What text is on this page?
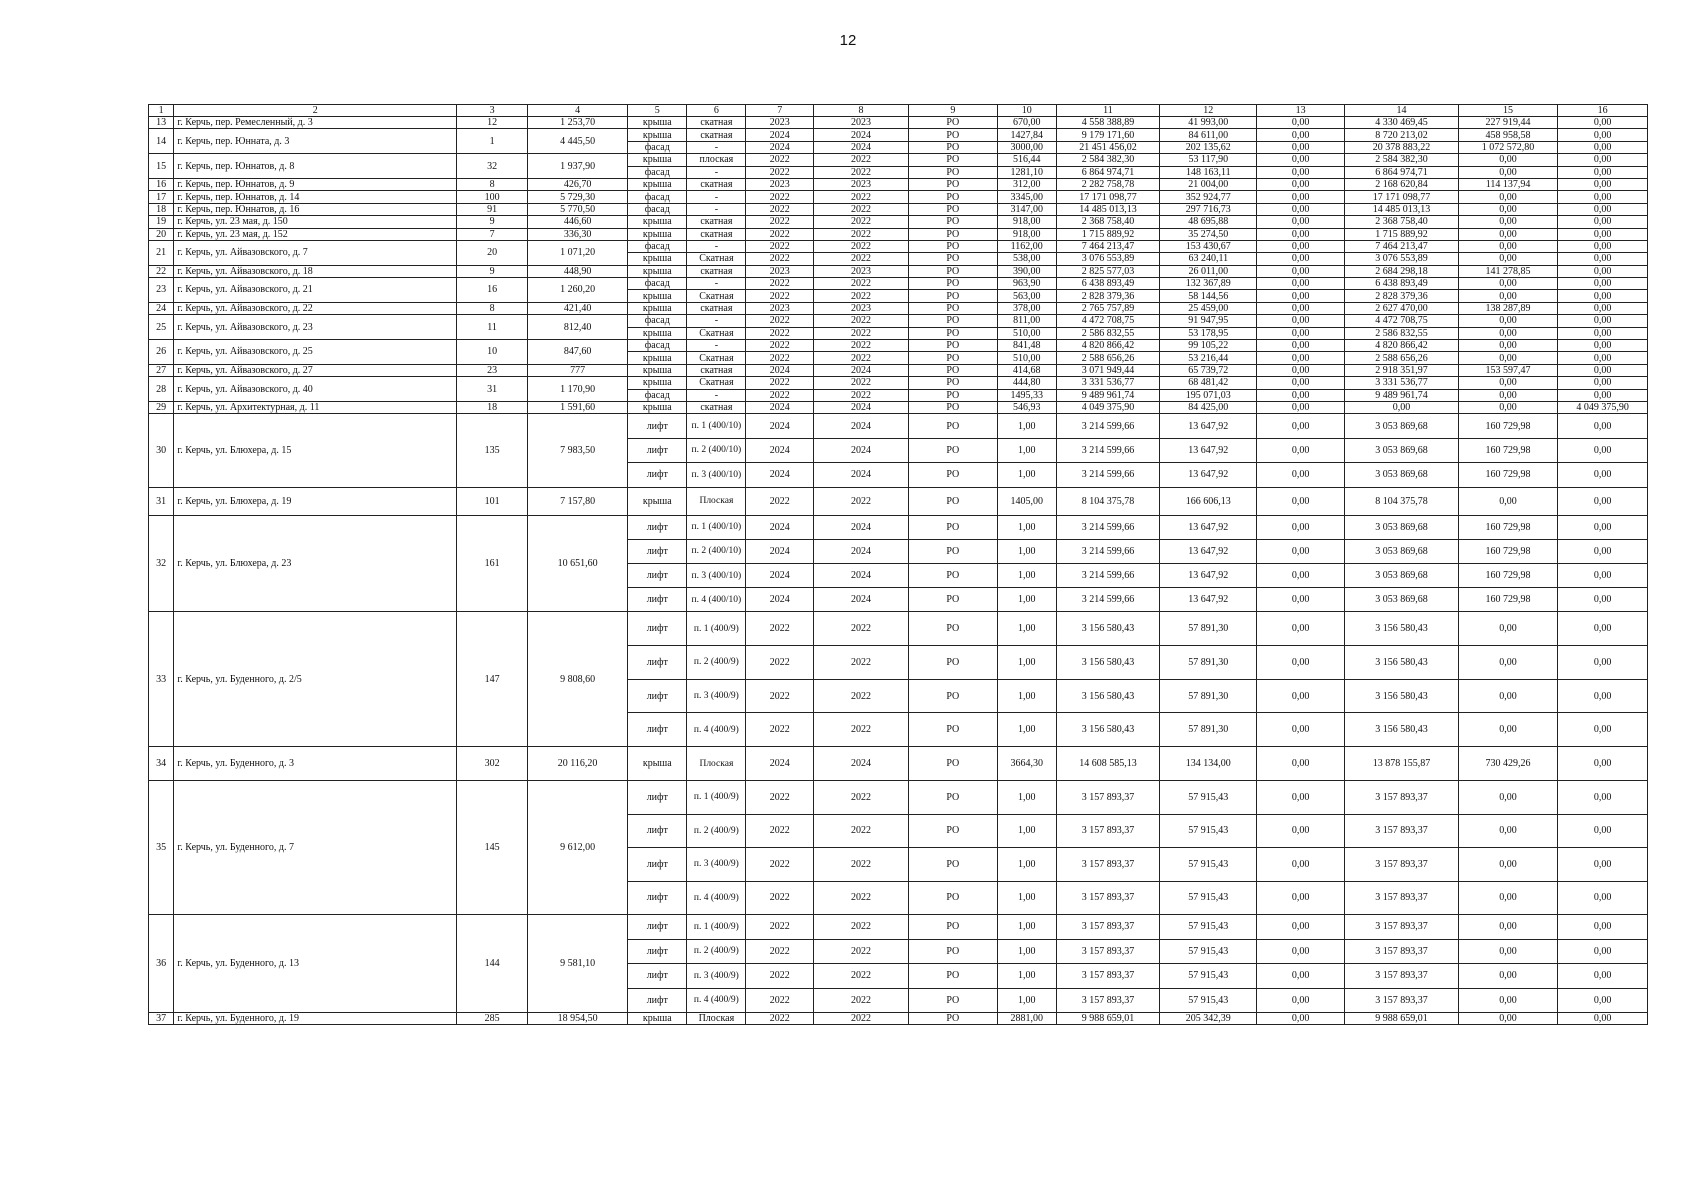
12
1	2	3	4	5	6	7	8	9	10	11	12	13	14	15	16
13	г. Керчь, пер. Ремесленный, д. 3	12	1 253,70	крыша	скатная	2023	2023	РО	670,00	4 558 388,89	41 993,00	0,00	4 330 469,45	227 919,44	0,00
14	г. Керчь, пер. Юнната, д. 3	1	4 445,50	крыша	скатная	2024	2024	РО	1427,84	9 179 171,60	84 611,00	0,00	8 720 213,02	458 958,58	0,00
				фасад	-	2024	2024	РО	3000,00	21 451 456,02	202 135,62	0,00	20 378 883,22	1 072 572,80	0,00
15	г. Керчь, пер. Юннатов, д. 8	32	1 937,90	крыша	плоская	2022	2022	РО	516,44	2 584 382,30	53 117,90	0,00	2 584 382,30	0,00	0,00
				фасад	-	2022	2022	РО	1281,10	6 864 974,71	148 163,11	0,00	6 864 974,71	0,00	0,00
16	г. Керчь, пер. Юннатов, д. 9	8	426,70	крыша	скатная	2023	2023	РО	312,00	2 282 758,78	21 004,00	0,00	2 168 620,84	114 137,94	0,00
17	г. Керчь, пер. Юннатов, д. 14	100	5 729,30	фасад	-	2022	2022	РО	3345,00	17 171 098,77	352 924,77	0,00	17 171 098,77	0,00	0,00
18	г. Керчь, пер. Юннатов, д. 16	91	5 770,50	фасад	-	2022	2022	РО	3147,00	14 485 013,13	297 716,73	0,00	14 485 013,13	0,00	0,00
19	г. Керчь, ул. 23 мая, д. 150	9	446,60	крыша	скатная	2022	2022	РО	918,00	2 368 758,40	48 695,88	0,00	2 368 758,40	0,00	0,00
20	г. Керчь, ул. 23 мая, д. 152	7	336,30	крыша	скатная	2022	2022	РО	918,00	1 715 889,92	35 274,50	0,00	1 715 889,92	0,00	0,00
21	г. Керчь, ул. Айвазовского, д. 7	20	1 071,20	фасад	-	2022	2022	РО	1162,00	7 464 213,47	153 430,67	0,00	7 464 213,47	0,00	0,00
				крыша	Скатная	2022	2022	РО	538,00	3 076 553,89	63 240,11	0,00	3 076 553,89	0,00	0,00
22	г. Керчь, ул. Айвазовского, д. 18	9	448,90	крыша	скатная	2023	2023	РО	390,00	2 825 577,03	26 011,00	0,00	2 684 298,18	141 278,85	0,00
23	г. Керчь, ул. Айвазовского, д. 21	16	1 260,20	фасад	-	2022	2022	РО	963,90	6 438 893,49	132 367,89	0,00	6 438 893,49	0,00	0,00
				крыша	Скатная	2022	2022	РО	563,00	2 828 379,36	58 144,56	0,00	2 828 379,36	0,00	0,00
24	г. Керчь, ул. Айвазовского, д. 22	8	421,40	крыша	скатная	2023	2023	РО	378,00	2 765 757,89	25 459,00	0,00	2 627 470,00	138 287,89	0,00
25	г. Керчь, ул. Айвазовского, д. 23	11	812,40	фасад	-	2022	2022	РО	811,00	4 472 708,75	91 947,95	0,00	4 472 708,75	0,00	0,00
				крыша	Скатная	2022	2022	РО	510,00	2 586 832,55	53 178,95	0,00	2 586 832,55	0,00	0,00
26	г. Керчь, ул. Айвазовского, д. 25	10	847,60	фасад	-	2022	2022	РО	841,48	4 820 866,42	99 105,22	0,00	4 820 866,42	0,00	0,00
				крыша	Скатная	2022	2022	РО	510,00	2 588 656,26	53 216,44	0,00	2 588 656,26	0,00	0,00
27	г. Керчь, ул. Айвазовского, д. 27	23	777	крыша	скатная	2024	2024	РО	414,68	3 071 949,44	65 739,72	0,00	2 918 351,97	153 597,47	0,00
28	г. Керчь, ул. Айвазовского, д. 40	31	1 170,90	крыша	Скатная	2022	2022	РО	444,80	3 331 536,77	68 481,42	0,00	3 331 536,77	0,00	0,00
				фасад	-	2022	2022	РО	1495,33	9 489 961,74	195 071,03	0,00	9 489 961,74	0,00	0,00
29	г. Керчь, ул. Архитектурная, д. 11	18	1 591,60	крыша	скатная	2024	2024	РО	546,93	4 049 375,90	84 425,00	0,00	0,00	0,00	4 049 375,90
30	г. Керчь, ул. Блюхера, д. 15	135	7 983,50	лифт	п. 1 (400/10)	2024	2024	РО	1,00	3 214 599,66	13 647,92	0,00	3 053 869,68	160 729,98	0,00
				лифт	п. 2 (400/10)	2024	2024	РО	1,00	3 214 599,66	13 647,92	0,00	3 053 869,68	160 729,98	0,00
				лифт	п. 3 (400/10)	2024	2024	РО	1,00	3 214 599,66	13 647,92	0,00	3 053 869,68	160 729,98	0,00
31	г. Керчь, ул. Блюхера, д. 19	101	7 157,80	крыша	Плоская	2022	2022	РО	1405,00	8 104 375,78	166 606,13	0,00	8 104 375,78	0,00	0,00
32	г. Керчь, ул. Блюхера, д. 23	161	10 651,60	лифт	п. 1 (400/10)	2024	2024	РО	1,00	3 214 599,66	13 647,92	0,00	3 053 869,68	160 729,98	0,00
				лифт	п. 2 (400/10)	2024	2024	РО	1,00	3 214 599,66	13 647,92	0,00	3 053 869,68	160 729,98	0,00
				лифт	п. 3 (400/10)	2024	2024	РО	1,00	3 214 599,66	13 647,92	0,00	3 053 869,68	160 729,98	0,00
				лифт	п. 4 (400/10)	2024	2024	РО	1,00	3 214 599,66	13 647,92	0,00	3 053 869,68	160 729,98	0,00
33	г. Керчь, ул. Буденного, д. 2/5	147	9 808,60	лифт	п. 1 (400/9)	2022	2022	РО	1,00	3 156 580,43	57 891,30	0,00	3 156 580,43	0,00	0,00
				лифт	п. 2 (400/9)	2022	2022	РО	1,00	3 156 580,43	57 891,30	0,00	3 156 580,43	0,00	0,00
				лифт	п. 3 (400/9)	2022	2022	РО	1,00	3 156 580,43	57 891,30	0,00	3 156 580,43	0,00	0,00
				лифт	п. 4 (400/9)	2022	2022	РО	1,00	3 156 580,43	57 891,30	0,00	3 156 580,43	0,00	0,00
34	г. Керчь, ул. Буденного, д. 3	302	20 116,20	крыша	Плоская	2024	2024	РО	3664,30	14 608 585,13	134 134,00	0,00	13 878 155,87	730 429,26	0,00
35	г. Керчь, ул. Буденного, д. 7	145	9 612,00	лифт	п. 1 (400/9)	2022	2022	РО	1,00	3 157 893,37	57 915,43	0,00	3 157 893,37	0,00	0,00
				лифт	п. 2 (400/9)	2022	2022	РО	1,00	3 157 893,37	57 915,43	0,00	3 157 893,37	0,00	0,00
				лифт	п. 3 (400/9)	2022	2022	РО	1,00	3 157 893,37	57 915,43	0,00	3 157 893,37	0,00	0,00
				лифт	п. 4 (400/9)	2022	2022	РО	1,00	3 157 893,37	57 915,43	0,00	3 157 893,37	0,00	0,00
36	г. Керчь, ул. Буденного, д. 13	144	9 581,10	лифт	п. 1 (400/9)	2022	2022	РО	1,00	3 157 893,37	57 915,43	0,00	3 157 893,37	0,00	0,00
				лифт	п. 2 (400/9)	2022	2022	РО	1,00	3 157 893,37	57 915,43	0,00	3 157 893,37	0,00	0,00
				лифт	п. 3 (400/9)	2022	2022	РО	1,00	3 157 893,37	57 915,43	0,00	3 157 893,37	0,00	0,00
				лифт	п. 4 (400/9)	2022	2022	РО	1,00	3 157 893,37	57 915,43	0,00	3 157 893,37	0,00	0,00
37	г. Керчь, ул. Буденного, д. 19	285	18 954,50	крыша	Плоская	2022	2022	РО	2881,00	9 988 659,01	205 342,39	0,00	9 988 659,01	0,00	0,00
